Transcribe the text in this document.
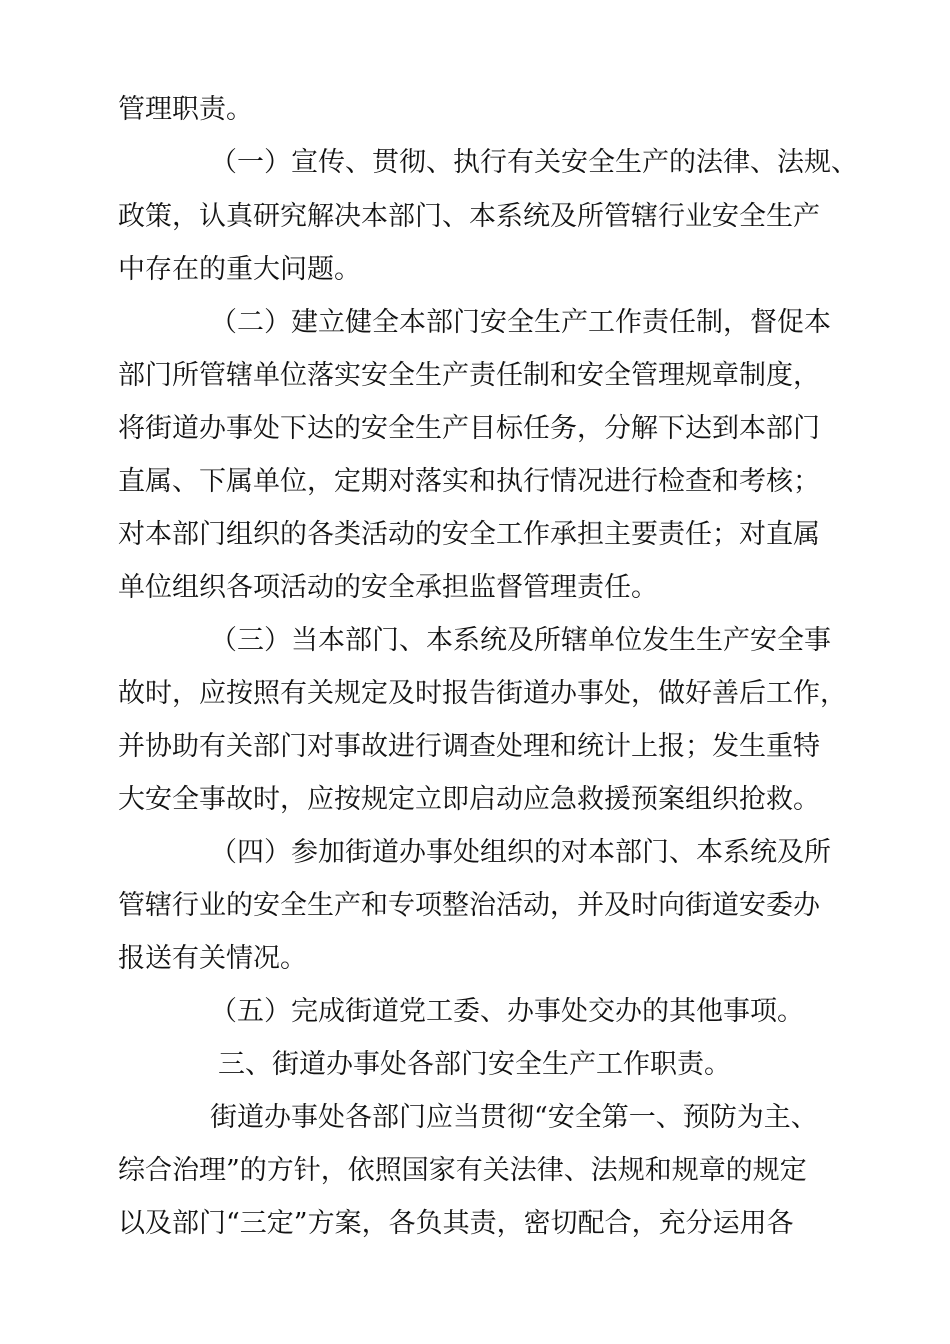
管理职责。
（一）宣传、贯彻、执行有关安全生产的法律、法规、
政策，认真研究解决本部门、本系统及所管辖行业安全生产
中存在的重大问题。
（二）建立健全本部门安全生产工作责任制，督促本
部门所管辖单位落实安全生产责任制和安全管理规章制度，
将街道办事处下达的安全生产目标任务，分解下达到本部门
直属、下属单位，定期对落实和执行情况进行检查和考核；
对本部门组织的各类活动的安全工作承担主要责任；对直属
单位组织各项活动的安全承担监督管理责任。
（三）当本部门、本系统及所辖单位发生生产安全事
故时，应按照有关规定及时报告街道办事处，做好善后工作，
并协助有关部门对事故进行调查处理和统计上报；发生重特
大安全事故时，应按规定立即启动应急救援预案组织抢救。
（四）参加街道办事处组织的对本部门、本系统及所
管辖行业的安全生产和专项整治活动，并及时向街道安委办
报送有关情况。
（五）完成街道党工委、办事处交办的其他事项。
三、街道办事处各部门安全生产工作职责。
街道办事处各部门应当贯彻“安全第一、预防为主、
综合治理”的方针，依照国家有关法律、法规和规章的规定
以及部门“三定”方案，各负其责，密切配合，充分运用各
